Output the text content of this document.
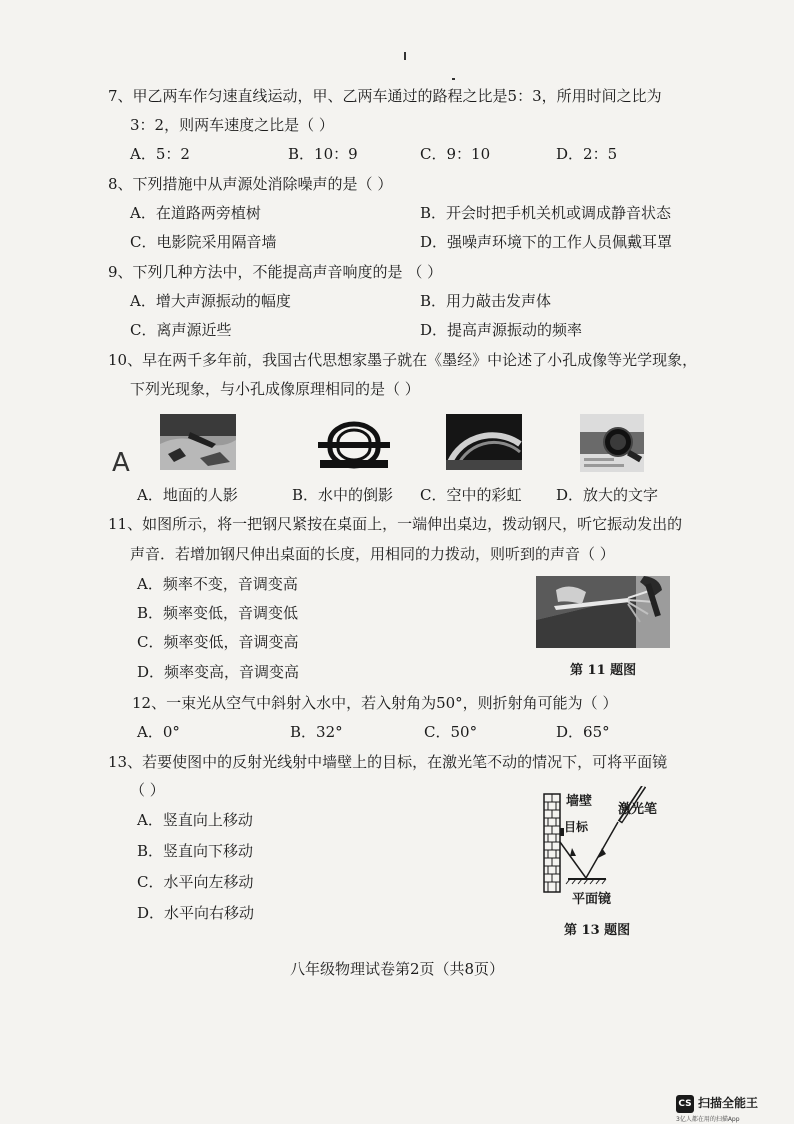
7、甲乙两车作匀速直线运动，甲、乙两车通过的路程之比是5：3，所用时间之比为
3：2，则两车速度之比是（ ）
A．5：2	B．10：9	C．9：10	D．2：5
8、下列措施中从声源处消除噪声的是（ ）
A．在道路两旁植树	B．开会时把手机关机或调成静音状态
C．电影院采用隔音墙	D．强噪声环境下的工作人员佩戴耳罩
9、下列几种方法中，不能提高声音响度的是 （ ）
A．增大声源振动的幅度	B．用力敲击发声体
C．离声源近些	D．提高声源振动的频率
10、早在两千多年前，我国古代思想家墨子就在《墨经》中论述了小孔成像等光学现象，
下列光现象，与小孔成像原理相同的是（ ）
A
A．地面的人影	B．水中的倒影 C．空中的彩虹 D．放大的文字
11、如图所示，将一把钢尺紧按在桌面上，一端伸出桌边，拨动钢尺，听它振动发出的
声音．若增加钢尺伸出桌面的长度，用相同的力拨动，则听到的声音（ ）
A．频率不变，音调变高
B．频率变低，音调变低
C．频率变低，音调变高
D．频率变高，音调变高	第 11 题图
12、一束光从空气中斜射入水中，若入射角为50°，则折射角可能为（ ）
A．0°	B．32°	C．50°	D．65°
13、若要使图中的反射光线射中墙壁上的目标，在激光笔不动的情况下，可将平面镜
（ ）
A．竖直向上移动
B．竖直向下移动
C．水平向左移动
D．水平向右移动
墙壁
激光笔
目标
平面镜
第 13 题图
八年级物理试卷第2页（共8页）
CS 扫描全能王
3亿人都在用的扫描App
